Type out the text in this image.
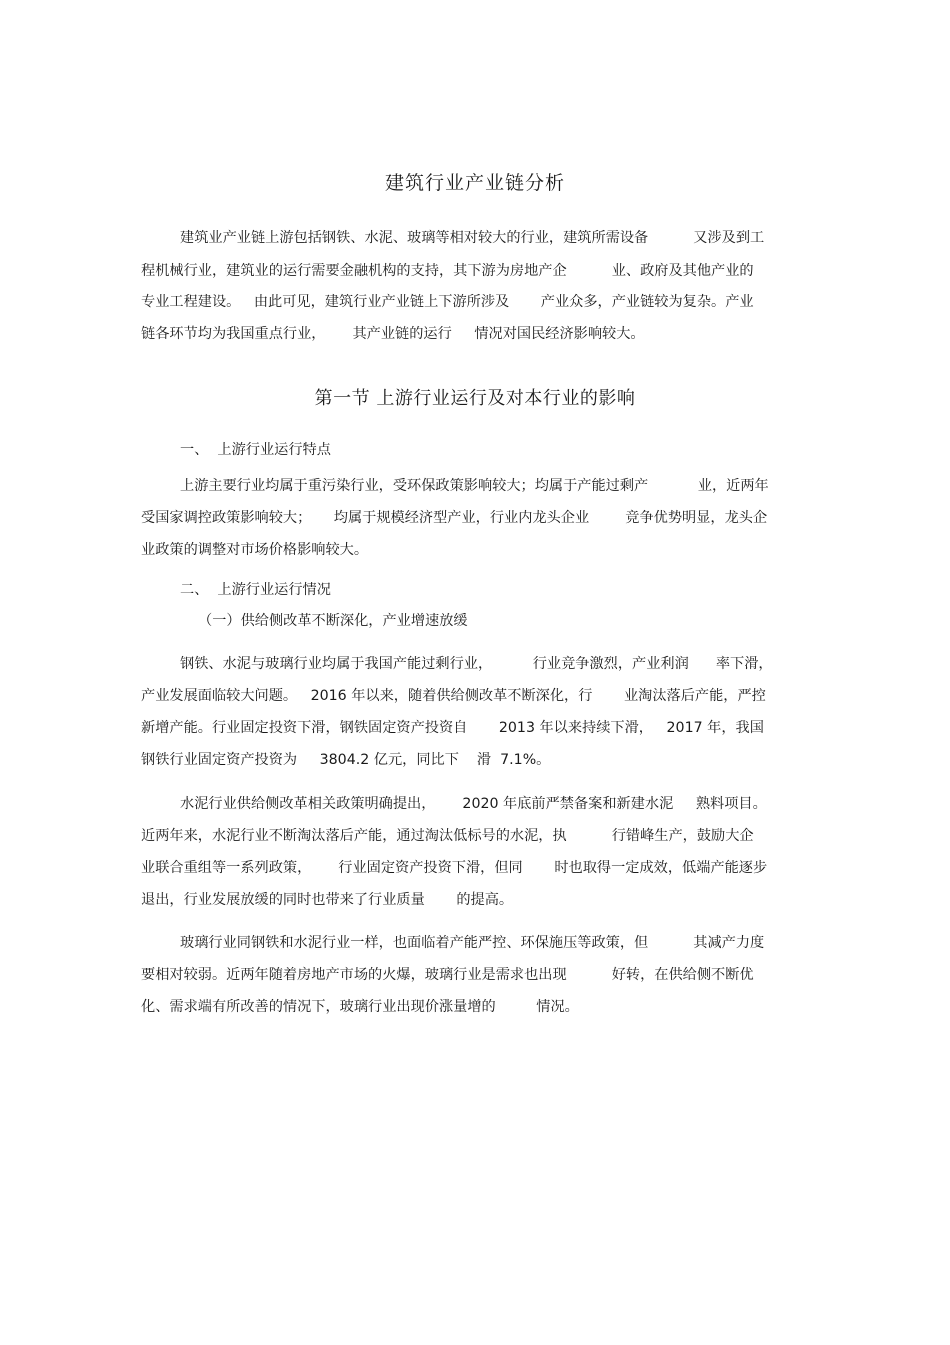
建筑行业产业链分析
建筑业产业链上游包括钢铁、水泥、玻璃等相对较大的行业，建筑所需设备          又涉及到工
程机械行业，建筑业的运行需要金融机构的支持，其下游为房地产企          业、政府及其他产业的
专业工程建设。   由此可见，建筑行业产业链上下游所涉及       产业众多，产业链较为复杂。产业
链各环节均为我国重点行业，      其产业链的运行     情况对国民经济影响较大。
第一节 上游行业运行及对本行业的影响
一、  上游行业运行特点
上游主要行业均属于重污染行业，受环保政策影响较大；均属于产能过剩产           业，近两年
受国家调控政策影响较大；     均属于规模经济型产业，行业内龙头企业        竞争优势明显，龙头企
业政策的调整对市场价格影响较大。
二、  上游行业运行情况
（一）供给侧改革不断深化，产业增速放缓
钢铁、水泥与玻璃行业均属于我国产能过剩行业，         行业竞争激烈，产业利润      率下滑，
产业发展面临较大问题。   2016 年以来，随着供给侧改革不断深化，行       业淘汰落后产能，严控
新增产能。行业固定投资下滑，钢铁固定资产投资自       2013 年以来持续下滑，   2017 年，我国
钢铁行业固定资产投资为     3804.2 亿元，同比下    滑  7.1%。
水泥行业供给侧改革相关政策明确提出，      2020 年底前严禁备案和新建水泥     熟料项目。
近两年来，水泥行业不断淘汰落后产能，通过淘汰低标号的水泥，执          行错峰生产，鼓励大企
业联合重组等一系列政策，      行业固定资产投资下滑，但同       时也取得一定成效，低端产能逐步
退出，行业发展放缓的同时也带来了行业质量       的提高。
玻璃行业同钢铁和水泥行业一样，也面临着产能严控、环保施压等政策，但          其减产力度
要相对较弱。近两年随着房地产市场的火爆，玻璃行业是需求也出现          好转，在供给侧不断优
化、需求端有所改善的情况下，玻璃行业出现价涨量增的         情况。
